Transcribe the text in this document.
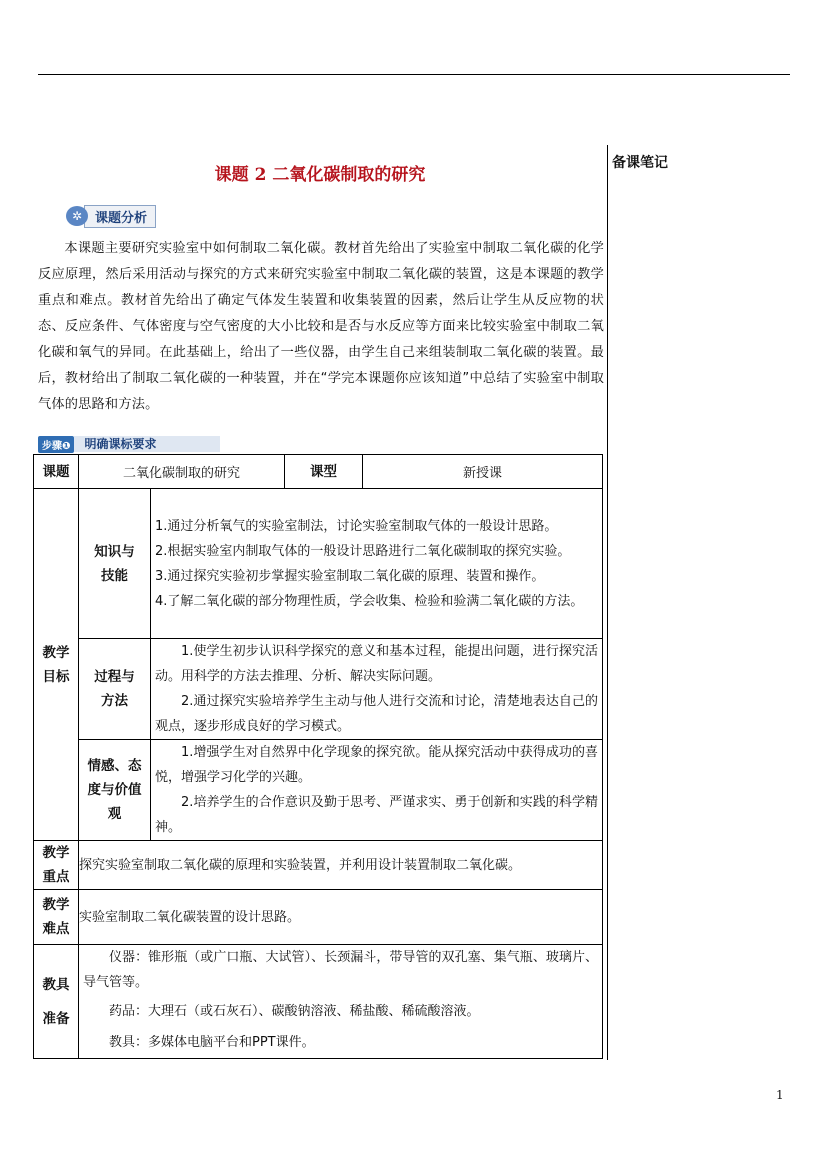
备课笔记
课题 2 二氧化碳制取的研究
✲ 课题分析
本课题主要研究实验室中如何制取二氧化碳。教材首先给出了实验室中制取二氧化碳的化学反应原理，然后采用活动与探究的方式来研究实验室中制取二氧化碳的装置，这是本课题的教学重点和难点。教材首先给出了确定气体发生装置和收集装置的因素，然后让学生从反应物的状态、反应条件、气体密度与空气密度的大小比较和是否与水反应等方面来比较实验室中制取二氧化碳和氧气的异同。在此基础上，给出了一些仪器，由学生自己来组装制取二氧化碳的装置。最后，教材给出了制取二氧化碳的一种装置，并在“学完本课题你应该知道”中总结了实验室中制取气体的思路和方法。
步骤❶	明确课标要求
课题	二氧化碳制取的研究		课型	新授课

教学目标	知识与技能	1.通过分析氧气的实验室制法，讨论实验室制取气体的一般设计思路。
2.根据实验室内制取气体的一般设计思路进行二氧化碳制取的探究实验。
3.通过探究实验初步掌握实验室制取二氧化碳的原理、装置和操作。
4.了解二氧化碳的部分物理性质，学会收集、检验和验满二氧化碳的方法。		

	过程与方法	1.使学生初步认识科学探究的意义和基本过程，能提出问题，进行探究活动。用科学的方法去推理、分析、解决实际问题。
2.通过探究实验培养学生主动与他人进行交流和讨论，清楚地表达自己的观点，逐步形成良好的学习模式。		

	情感、态度与价值观	1.增强学生对自然界中化学现象的探究欲。能从探究活动中获得成功的喜悦，增强学习化学的兴趣。
2.培养学生的合作意识及勤于思考、严谨求实、勇于创新和实践的科学精神。		

教学重点	探究实验室制取二氧化碳的原理和实验装置，并利用设计装置制取二氧化碳。			

教学难点	实验室制取二氧化碳装置的设计思路。			

教具准备	仪器：锥形瓶（或广口瓶、大试管）、长颈漏斗，带导管的双孔塞、集气瓶、玻璃片、导气管等。
药品：大理石（或石灰石）、碳酸钠溶液、稀盐酸、稀硫酸溶液。
教具：多媒体电脑平台和PPT课件。			
1
